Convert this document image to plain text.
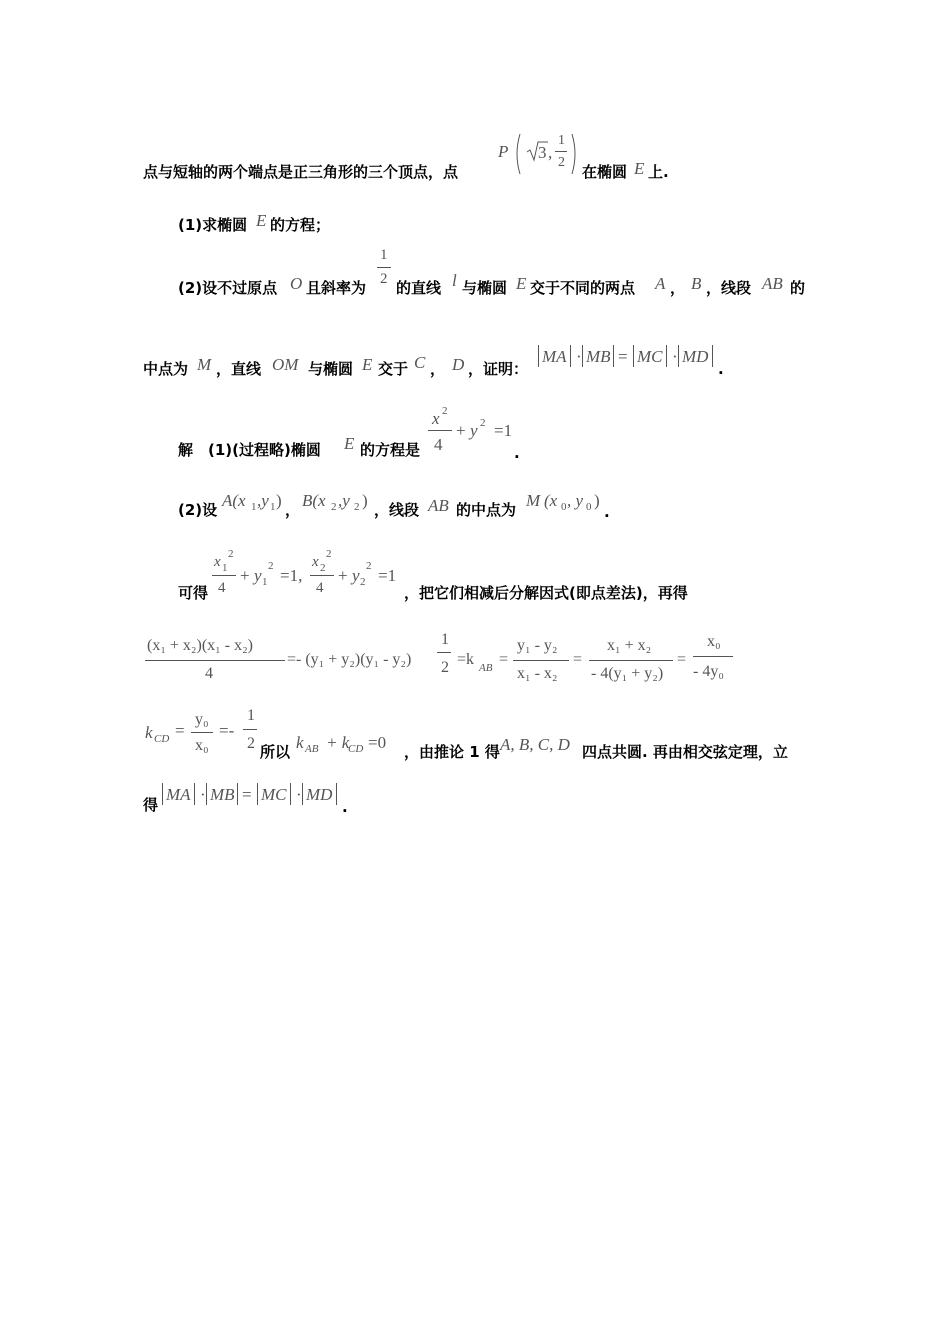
点与短轴的两个端点是正三角形的三个顶点，点
P 3 ,
1
2
在椭圆 E 上.
(1)求椭圆 E 的方程；
(2)设不过原点 O 且斜率为
1
2 的直线 l 与椭圆 E 交于不同的两点 A ， B ，线段 AB 的
中点为 M ，直线 OM 与椭圆 E 交于 C ， D ，证明：
MA · MB = MC · MD
.
解　(1)(过程略)椭圆 E 的方程是
x 2
4
+ y 2 =1
.
(2)设 A(x 1 ,y 1 ) ， B(x 2 ,y 2 ) ，线段 AB 的中点为 M (x 0 , y 0 )
.
可得
x 1
2
4
+ y 1
2 =1,
x 2
2
4
+ y 2
2 =1
，把它们相减后分解因式(即点差法)，再得
(x₁ + x₂)(x₁ - x₂)
4
=- (y₁ + y₂)(y₁ - y₂)
1
2 =k AB =
y₁ - y₂
x₁ - x₂
=
x₁ + x₂
- 4(y₁ + y₂)
=
x₀
- 4y₀
k CD =
y₀
x₀
=-
1
2 所以 k AB + k
CD =0 ，由推论 1 得 A, B, C, D 四点共圆. 再由相交弦定理，立
得
MA · MB = MC · MD
.
